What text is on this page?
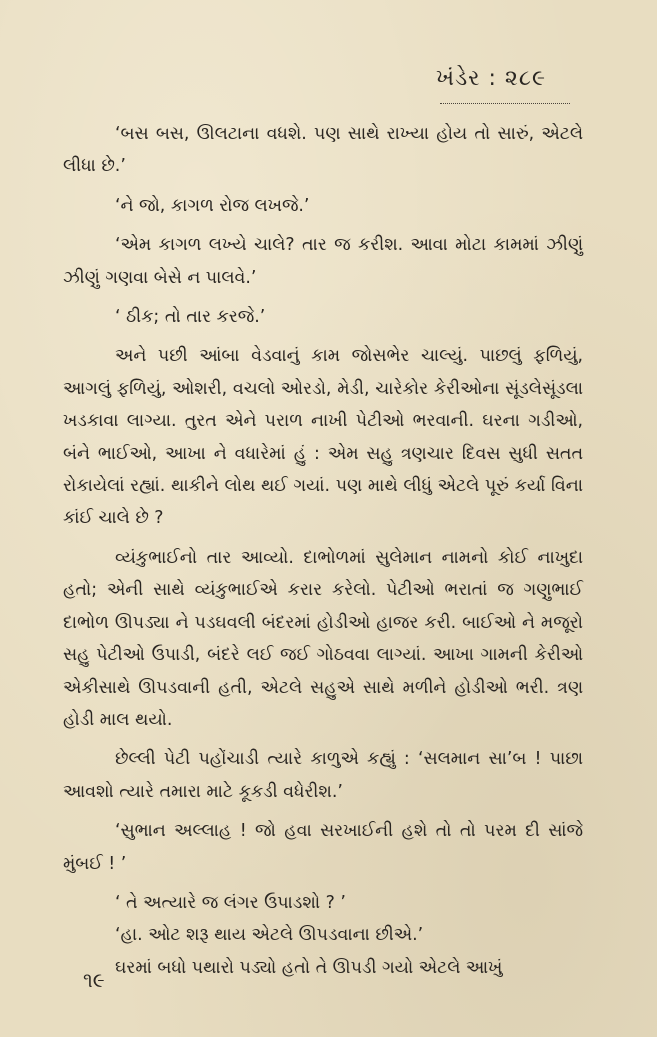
ખંડેર : ૨૮૯

‘બસ બસ, ઊલટાના વધશે. પણ સાથે રાખ્યા હોય તો સારું, એટલે લીધા છે.’

‘ને જો, કાગળ રોજ લખજે.’

‘એમ કાગળ લખ્યે ચાલે? તાર જ કરીશ. આવા મોટા કામમાં ઝીણું ઝીણું ગણવા બેસે ન પાલવે.’

‘ ઠીક; તો તાર કરજે.’

અને પછી આંબા વેડવાનું કામ જોસભેર ચાલ્યું. પાછલું ફળિયું, આગલું ફળિયું, ઓશરી, વચલો ઓરડો, મેડી, ચારેકોર કેરીઓના સૂંડલેસૂંડલા ખડકાવા લાગ્યા. તુરત એને પરાળ નાખી પેટીઓ ભરવાની. ઘરના ગડીઓ, બંને ભાઈઓ, આખા ને વધારેમાં હું : એમ સહુ ત્રણચાર દિવસ સુધી સતત રોકાયેલાં રહ્યાં. થાકીને લોથ થઈ ગયાં. પણ માથે લીધું એટલે પૂરું કર્યા વિના કાંઈ ચાલે છે ?

વ્યંકુભાઈનો તાર આવ્યો. દાભોળમાં સુલેમાન નામનો કોઈ નાખુદા હતો; એની સાથે વ્યંકુભાઈએ કરાર કરેલો. પેટીઓ ભરાતાં જ ગણુભાઈ દાભોળ ઊપડ્યા ને પડઘવલી બંદરમાં હોડીઓ હાજર કરી. બાઈઓ ને મજૂરો સહુ પેટીઓ ઉપાડી, બંદરે લઈ જઈ ગોઠવવા લાગ્યાં. આખા ગામની કેરીઓ એકીસાથે ઊપડવાની હતી, એટલે સહુએ સાથે મળીને હોડીઓ ભરી. ત્રણ હોડી માલ થયો.

છેલ્લી પેટી પહોંચાડી ત્યારે કાળુએ કહ્યું : ‘સલમાન સા’બ ! પાછા આવશો ત્યારે તમારા માટે કૂકડી વધેરીશ.’

‘સુભાન અલ્લાહ ! જો હવા સરખાઈની હશે તો તો પરમ દી સાંજે મુંબઈ ! ’

‘ તે અત્યારે જ લંગર ઉપાડશો ? ’

‘હા. ઓટ શરૂ થાય એટલે ઊપડવાના છીએ.’

ઘરમાં બધો પથારો પડ્યો હતો તે ઊપડી ગયો એટલે આખું

૧૯
